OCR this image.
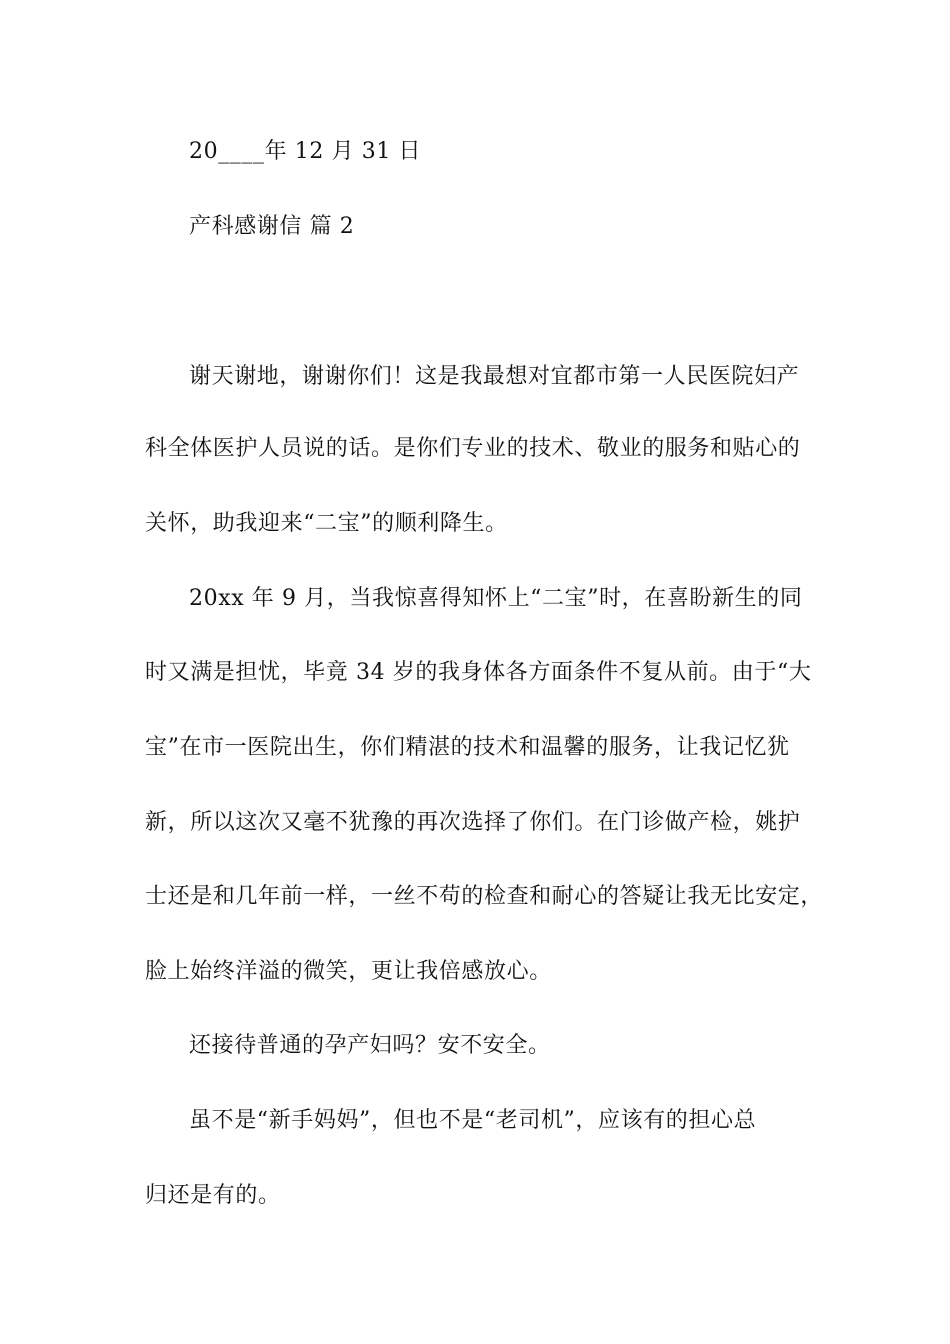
20____年 12 月 31 日
产科感谢信 篇 2
谢天谢地，谢谢你们！这是我最想对宜都市第一人民医院妇产
科全体医护人员说的话。是你们专业的技术、敬业的服务和贴心的
关怀，助我迎来“二宝”的顺利降生。
20xx 年 9 月，当我惊喜得知怀上“二宝”时，在喜盼新生的同
时又满是担忧，毕竟 34 岁的我身体各方面条件不复从前。由于“大
宝”在市一医院出生，你们精湛的技术和温馨的服务，让我记忆犹
新，所以这次又毫不犹豫的再次选择了你们。在门诊做产检，姚护
士还是和几年前一样，一丝不苟的检查和耐心的答疑让我无比安定，
脸上始终洋溢的微笑，更让我倍感放心。
还接待普通的孕产妇吗？安不安全。
虽不是“新手妈妈”，但也不是“老司机”，应该有的担心总
归还是有的。
